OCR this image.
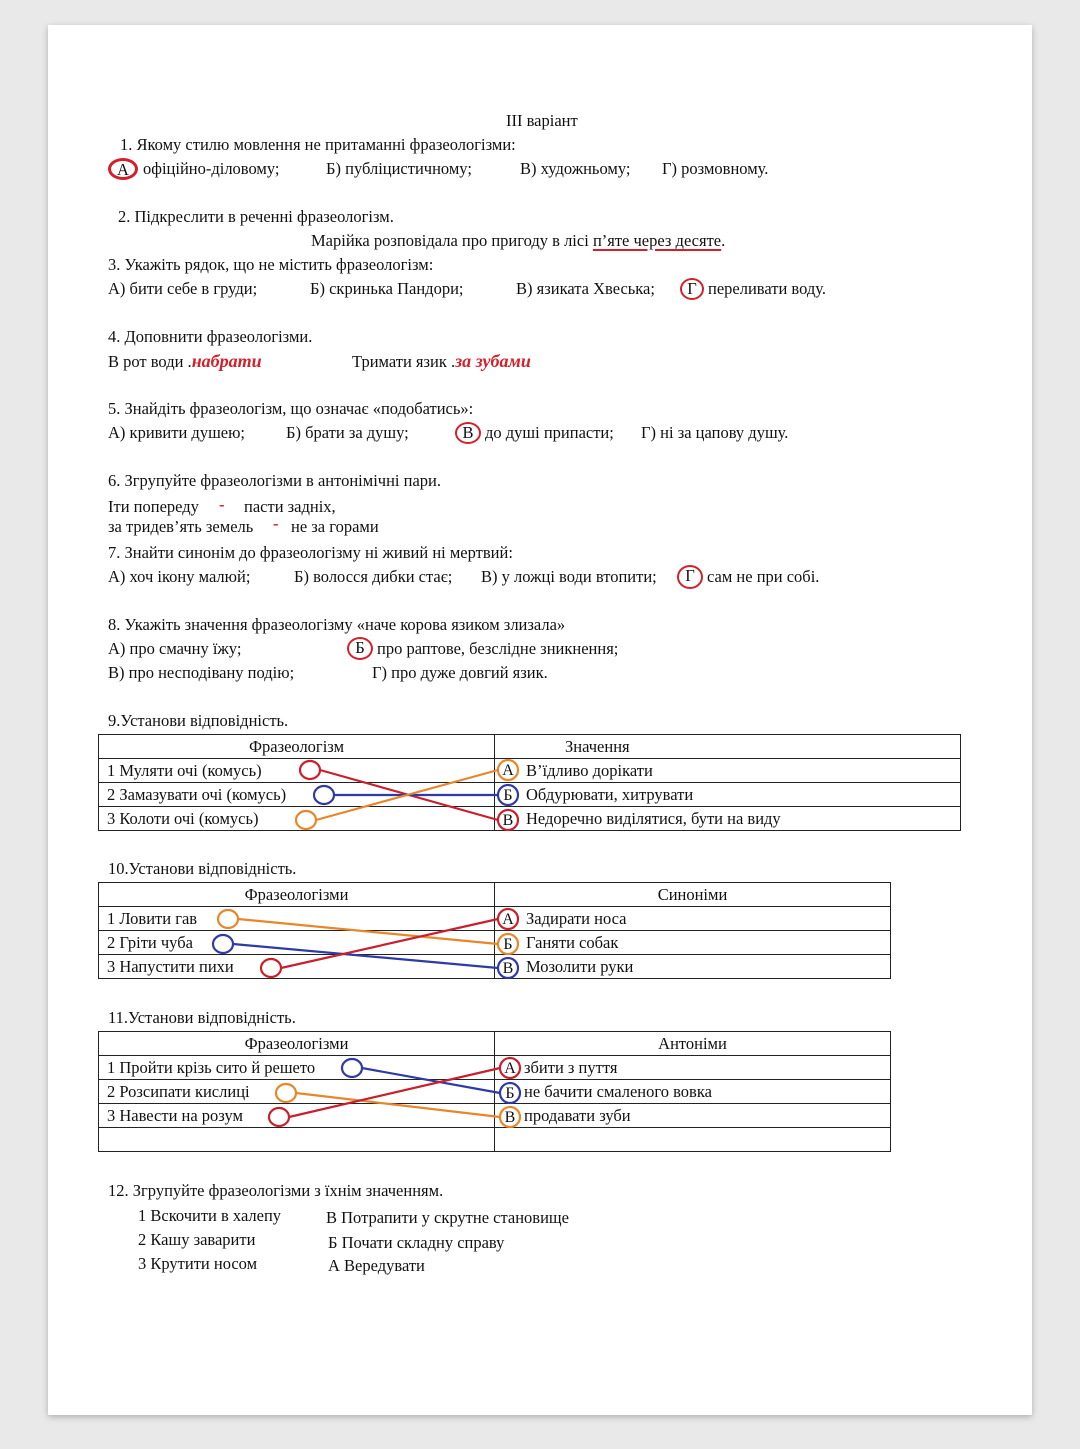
ІІІ варіант
1. Якому стилю мовлення не притаманні фразеологізми:
А офіційно-діловому;	Б) публіцистичному;	В) художньому; Г) розмовному.
2. Підкреслити в реченні фразеологізм.
Марійка розповідала про пригоду в лісі п’яте через десяте.
3. Укажіть рядок, що не містить фразеологізм:
А) бити себе в груди;	Б) скринька Пандори;	В) язиката Хвеська;	Г переливати воду.
4. Доповнити фразеологізми.
В рот води .набрати	Тримати язик .за зубами
5. Знайдіть фразеологізм, що означає «подобатись»:
А) кривити душею; Б) брати за душу;	В до душі припасти; Г) ні за цапову душу.
6. Згрупуйте фразеологізми в антонімічні пари.
Іти попереду - пасти задніх,
за тридев’ять земель - не за горами
7. Знайти синонім до фразеологізму ні живий ні мертвий:
А) хоч ікону малюй;	Б) волосся дибки стає; В) у ложці води втопити;	Г сам не при собі.
8. Укажіть значення фразеологізму «наче корова язиком злизала»
А) про смачну їжу;	Б про раптове, безслідне зникнення;
В) про несподівану подію;	Г) про дуже довгий язик.
9.Установи відповідність.
Фразеологізм	Значення
1 Муляти очі (комусь)	В’їдливо дорікати
2 Замазувати очі (комусь)	Обдурювати, хитрувати
3 Колоти очі (комусь)	Недоречно виділятися, бути на виду
10.Установи відповідність.
Фразеологізми	Синоніми
1 Ловити гав	Задирати носа
2 Гріти чуба	Ганяти собак
3 Напустити пихи	Мозолити руки
11.Установи відповідність.
Фразеологізми	Антоніми
1 Пройти крізь сито й решето	збити з пуття
2 Розсипати кислиці	не бачити смаленого вовка
3 Навести на розум	продавати зуби

12. Згрупуйте фразеологізми з їхнім значенням.
1 Вскочити в халепу
2 Кашу заварити
3 Крутити носом
В Потрапити у скрутне становище
Б Почати складну справу
А Вередувати
А
Б
В
А
Б
В
А
Б
В
